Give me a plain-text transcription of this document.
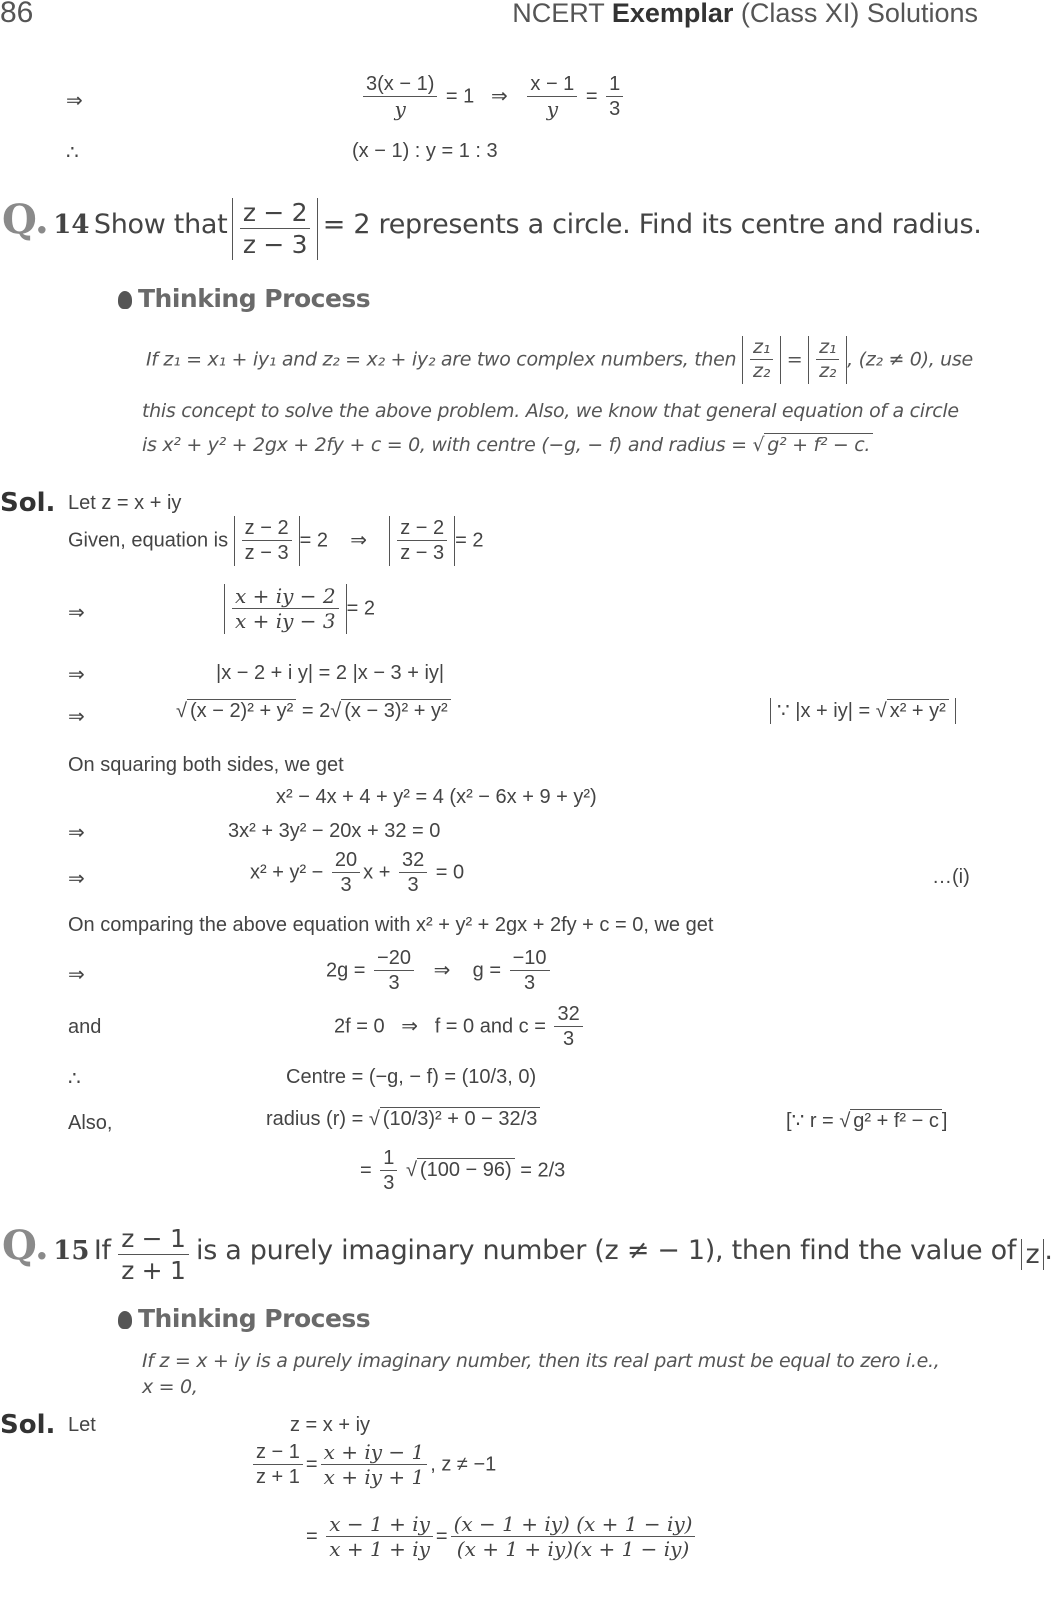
86	NCERT Exemplar (Class XI) Solutions
⇒	$\frac{3(x - 1)}{y} = 1$ ⇒ $\frac{x - 1}{y} = \frac{1}{3}$
∴	(x − 1) : y = 1 : 3
Q. 14 Show that $\frac{z - 2}{z - 3} = 2$ represents a circle. Find its centre and radius.
Thinking Process
If z₁ = x₁ + iy₁ and z₂ = x₂ + iy₂ are two complex numbers, then $\frac{\text{z₁}}{\text{z₂}} = \frac{\text{z₁}}{\text{z₂}}$ , (z₂ ≠ 0), use
this concept to solve the above problem. Also, we know that general equation of a circle
is x² + y² + 2gx + 2fy + c = 0, with centre (−g, − f) and radius = √ g² + f² − c.
Sol. Let z = x + iy
Given, equation is $\frac{z - 2}{z - 3} = 2$ ⇒ $\frac{z - 2}{z - 3} = 2$
⇒	$\frac{x + iy - 2}{x + iy - 3} = 2$
⇒	|x − 2 + i y| = 2 |x − 3 + iy|
⇒	√ (x − 2)² + y² = 2√ (x − 3)² + y²	∵ |x + iy| = √ x² + y²
On squaring both sides, we get
x² − 4x + 4 + y² = 4 (x² − 6x + 9 + y²)
⇒	3x² + 3y² − 20x + 32 = 0
⇒	$x^2 + y^2 - \frac{20}{3}$ $x + \frac{32}{3} = 0$	…(i)
On comparing the above equation with x² + y² + 2gx + 2fy + c = 0, we get
⇒	$2g = \frac{-20}{3}$ ⇒ $g = \frac{-10}{3}$
and	2f = 0   ⇒   f = 0 and $c = \frac{32}{3}$
∴	Centre = (−g, − f) = (10/3, 0)
Also,	radius (r) = √ (10/3)² + 0 − 32/3	[∵ r = √ g² + f² − c ]
= $\frac{1}{3}$ √ (100 − 96) = 2/3
Q. 15 If $\frac{z - 1}{z + 1}$ is a purely imaginary number (z ≠ − 1), then find the value of z .
Thinking Process
If z = x + iy is a purely imaginary number, then its real part must be equal to zero i.e.,
x = 0,
Sol. Let	z = x + iy
$\frac{z - 1}{z + 1} = \frac{x + iy - 1}{x + iy + 1}$ , z ≠ −1
= $\frac{x - 1 + iy}{x + 1 + iy} = \frac{(x - 1 + iy) (x + 1 - iy)}{(x + 1 + iy)(x + 1 - iy)}$
